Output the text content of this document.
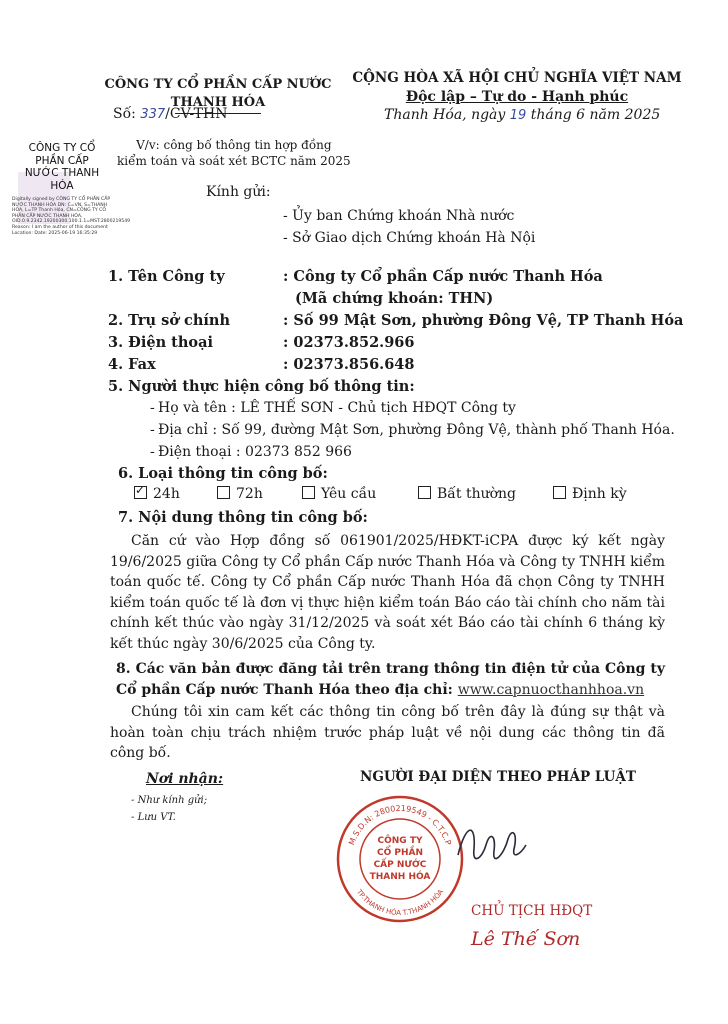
CÔNG TY CỔ PHẦN CẤP NƯỚC
THANH HÓA
CỘNG HÒA XÃ HỘI CHỦ NGHĨA VIỆT NAM
Độc lập – Tự do - Hạnh phúc
Số: 337/CV-THN	Thanh Hóa, ngày 19 tháng 6 năm 2025
V/v: công bố thông tin hợp đồng
kiểm toán và soát xét BCTC năm 2025
CÔNG TY CỔ
PHẦN CẤP
NƯỚC THANH
HÓA
Digitally signed by CÔNG TY CỔ PHẦN CẤP NƯỚC THANH HÓA DN: C=VN, S=THANH HÓA, L=TP Thanh Hóa, CN=CÔNG TY CỔ PHẦN CẤP NƯỚC THANH HÓA, OID.0.9.2342.19200300.100.1.1=MST:2800219549 Reason: I am the author of this document Location: Date: 2025-06-19 16:35:29
Kính gửi:
- Ủy ban Chứng khoán Nhà nước
- Sở Giao dịch Chứng khoán Hà Nội
1. Tên Công ty	: Công ty Cổ phần Cấp nước Thanh Hóa
(Mã chứng khoán: THN)
2. Trụ sở chính	: Số 99 Mật Sơn, phường Đông Vệ, TP Thanh Hóa
3. Điện thoại	: 02373.852.966
4. Fax	: 02373.856.648
5. Người thực hiện công bố thông tin:
- Họ và tên : LÊ THẾ SƠN - Chủ tịch HĐQT Công ty
- Địa chỉ : Số 99, đường Mật Sơn, phường Đông Vệ, thành phố Thanh Hóa.
- Điện thoại : 02373 852 966
6. Loại thông tin công bố:
✓24h	72h	Yêu cầu	Bất thường	Định kỳ
7. Nội dung thông tin công bố:
Căn cứ vào Hợp đồng số 061901/2025/HĐKT-iCPA được ký kết ngày 19/6/2025 giữa Công ty Cổ phần Cấp nước Thanh Hóa và Công ty TNHH kiểm toán quốc tế. Công ty Cổ phần Cấp nước Thanh Hóa đã chọn Công ty TNHH kiểm toán quốc tế là đơn vị thực hiện kiểm toán Báo cáo tài chính cho năm tài chính kết thúc vào ngày 31/12/2025 và soát xét Báo cáo tài chính 6 tháng kỳ kết thúc ngày 30/6/2025 của Công ty.
8. Các văn bản được đăng tải trên trang thông tin điện tử của Công ty Cổ phần Cấp nước Thanh Hóa theo địa chỉ: www.capnuocthanhhoa.vn
Chúng tôi xin cam kết các thông tin công bố trên đây là đúng sự thật và hoàn toàn chịu trách nhiệm trước pháp luật về nội dung các thông tin đã công bố.
Nơi nhận:
- Như kính gửi;
- Lưu VT.
NGƯỜI ĐẠI DIỆN THEO PHÁP LUẬT
M.S.D.N: 2800219549 - C.T.C.P
TP.THANH HÓA T.THANH HÓA
CÔNG TY
CỔ PHẦN
CẤP NƯỚC
THANH HÓA
CHỦ TỊCH HĐQT
Lê Thế Sơn
